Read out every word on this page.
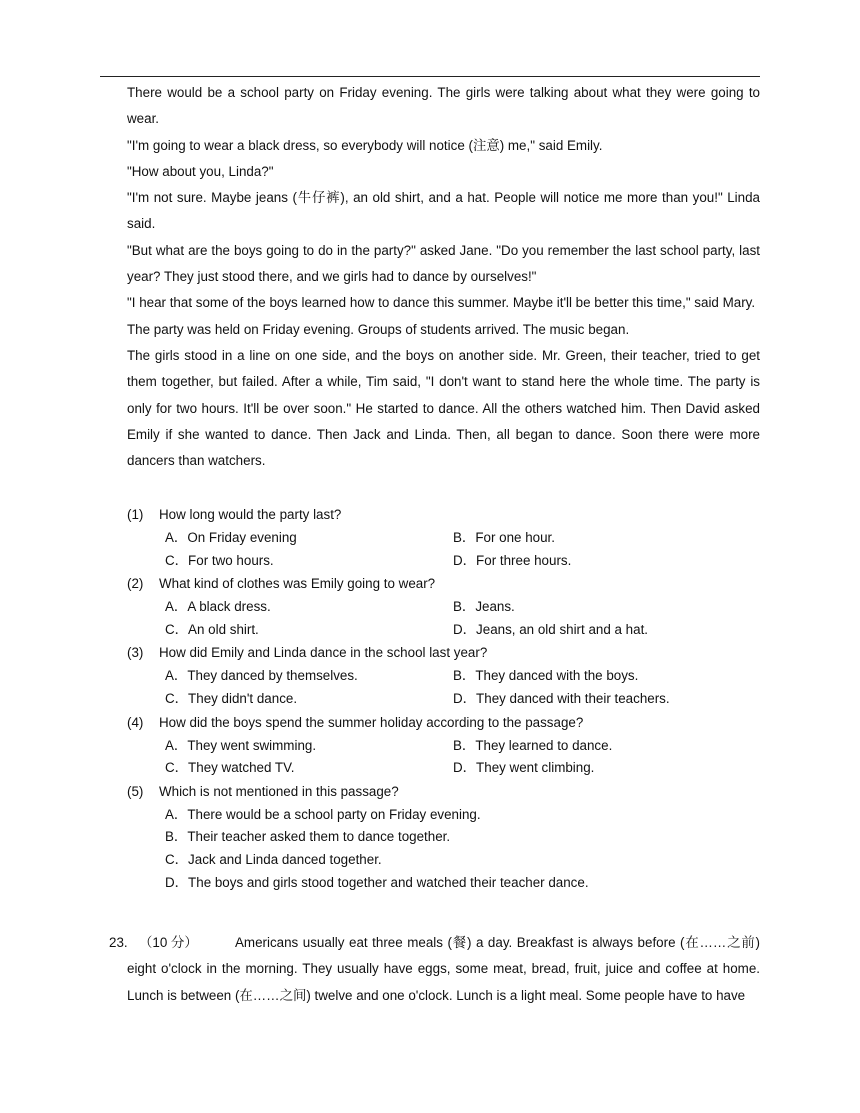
There would be a school party on Friday evening. The girls were talking about what they were going to wear.

"I'm going to wear a black dress, so everybody will notice (注意) me," said Emily.

"How about you, Linda?"

"I'm not sure. Maybe jeans (牛仔裤), an old shirt, and a hat. People will notice me more than you!" Linda said.

"But what are the boys going to do in the party?" asked Jane. "Do you remember the last school party, last year? They just stood there, and we girls had to dance by ourselves!"

"I hear that some of the boys learned how to dance this summer. Maybe it'll be better this time," said Mary.

The party was held on Friday evening. Groups of students arrived. The music began.

The girls stood in a line on one side, and the boys on another side. Mr. Green, their teacher, tried to get them together, but failed. After a while, Tim said, "I don't want to stand here the whole time. The party is only for two hours. It'll be over soon." He started to dance. All the others watched him. Then David asked Emily if she wanted to dance. Then Jack and Linda. Then, all began to dance. Soon there were more dancers than watchers.

(1) How long would the party last?
A．On Friday evening	B．For one hour.
C．For two hours.	D．For three hours.
(2) What kind of clothes was Emily going to wear?
A．A black dress.	B．Jeans.
C．An old shirt.	D．Jeans, an old shirt and a hat.
(3) How did Emily and Linda dance in the school last year?
A．They danced by themselves.	B．They danced with the boys.
C．They didn't dance.	D．They danced with their teachers.
(4) How did the boys spend the summer holiday according to the passage?
A．They went swimming.	B．They learned to dance.
C．They watched TV.	D．They went climbing.
(5) Which is not mentioned in this passage?
A．There would be a school party on Friday evening.
B．Their teacher asked them to dance together.
C．Jack and Linda danced together.
D．The boys and girls stood together and watched their teacher dance.
23. （10 分）	Americans usually eat three meals (餐) a day. Breakfast is always before (在……之前) eight o'clock in the morning. They usually have eggs, some meat, bread, fruit, juice and coffee at home. Lunch is between (在……之间) twelve and one o'clock. Lunch is a light meal. Some people have to have
